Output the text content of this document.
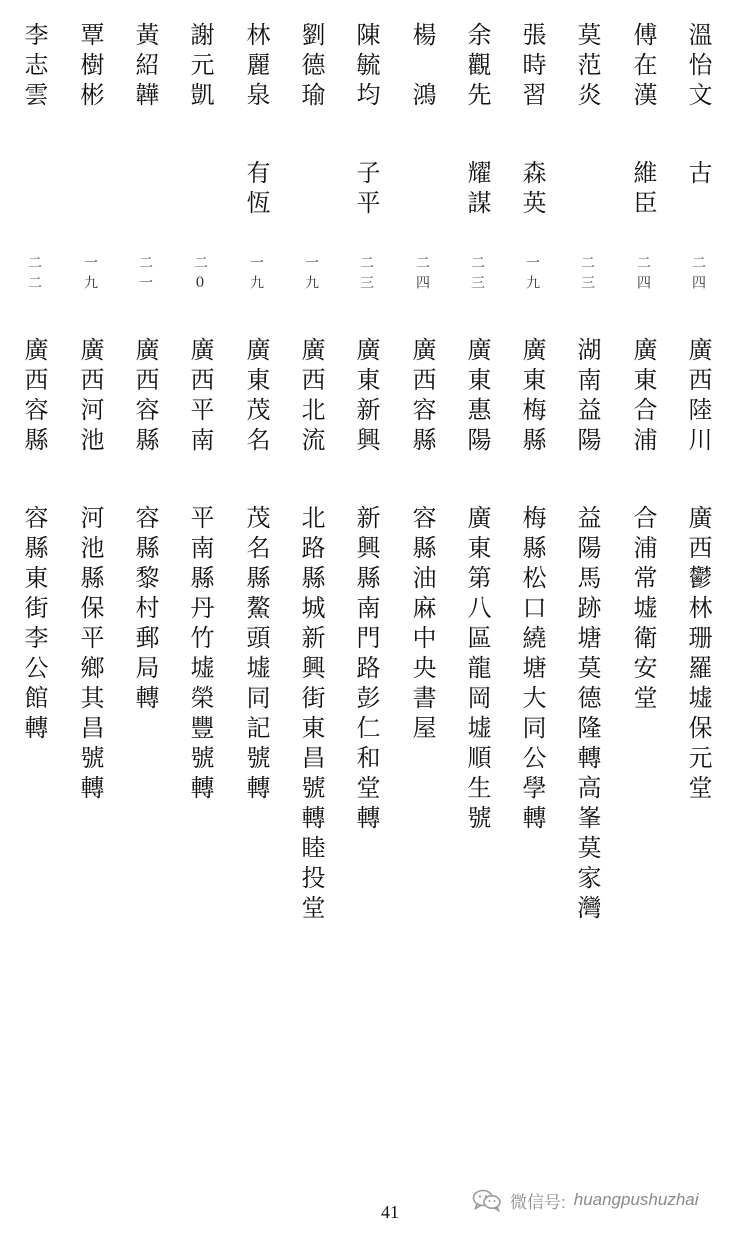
溫怡文
古
二四
廣西陸川
廣西鬱林珊羅墟保元堂
傅在漢
維臣
二四
廣東合浦
合浦常墟衛安堂
莫范炎
二三
湖南益陽
益陽馬跡塘莫德隆轉高峯莫家灣
張時習
森英
一九
廣東梅縣
梅縣松口繞塘大同公學轉
余觀先
耀謀
二三
廣東惠陽
廣東第八區龍岡墟順生號
楊　鴻
二四
廣西容縣
容縣油麻中央書屋
陳毓均
子平
二三
廣東新興
新興縣南門路彭仁和堂轉
劉德瑜
一九
廣西北流
北路縣城新興街東昌號轉睦投堂
林麗泉
有恆
一九
廣東茂名
茂名縣鰲頭墟同記號轉
謝元凱
二0
廣西平南
平南縣丹竹墟榮豐號轉
黃紹韡
二一
廣西容縣
容縣黎村郵局轉
覃樹彬
一九
廣西河池
河池縣保平鄉其昌號轉
李志雲
二二
廣西容縣
容縣東街李公館轉
微信号: huangpushuzhai
41
